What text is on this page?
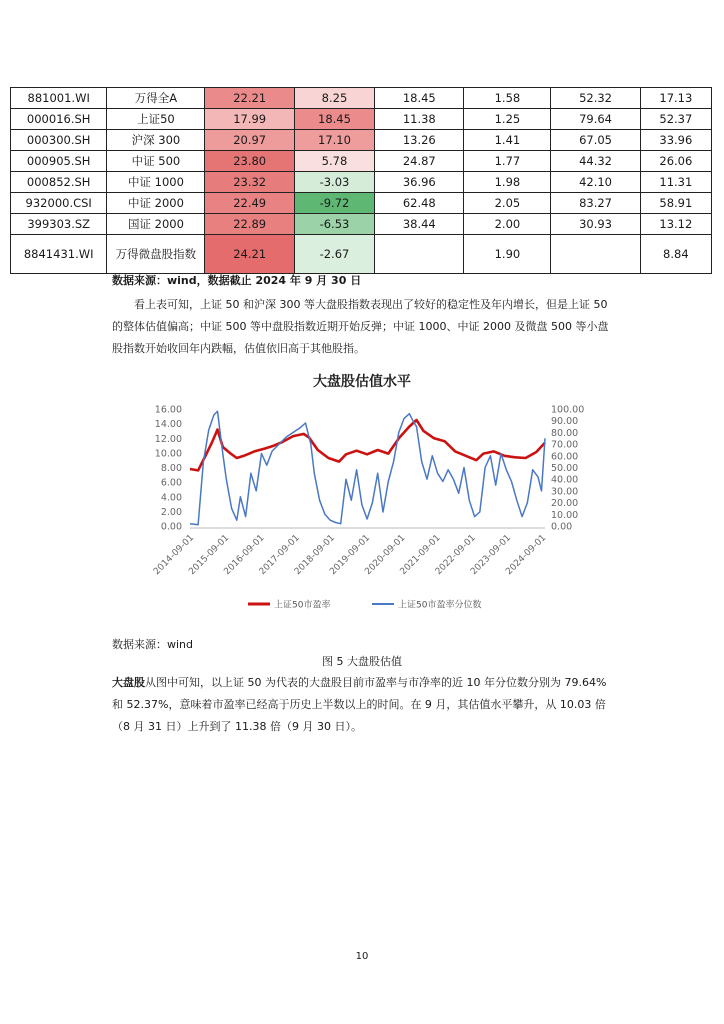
881001.WI	万得全A	22.21	8.25	18.45	1.58	52.32	17.13
000016.SH	上证50	17.99	18.45	11.38	1.25	79.64	52.37
000300.SH	沪深 300	20.97	17.10	13.26	1.41	67.05	33.96
000905.SH	中证 500	23.80	5.78	24.87	1.77	44.32	26.06
000852.SH	中证 1000	23.32	-3.03	36.96	1.98	42.10	11.31
932000.CSI	中证 2000	22.49	-9.72	62.48	2.05	83.27	58.91
399303.SZ	国证 2000	22.89	-6.53	38.44	2.00	30.93	13.12
8841431.WI	万得微盘股指数	24.21	-2.67		1.90		8.84
数据来源：wind，数据截止 2024 年 9 月 30 日
看上表可知，上证 50 和沪深 300 等大盘股指数表现出了较好的稳定性及年内增长，但是上证 50 的整体估值偏高；中证 500 等中盘股指数近期开始反弹；中证 1000、中证 2000 及微盘 500 等小盘股指数开始收回年内跌幅，估值依旧高于其他股指。
大盘股估值水平
16.00
14.00
12.00
10.00
8.00
6.00
4.00
2.00
0.00
100.00
90.00
80.00
70.00
60.00
50.00
40.00
30.00
20.00
10.00
0.00
2014-09-01
2015-09-01
2016-09-01
2017-09-01
2018-09-01
2019-09-01
2020-09-01
2021-09-01
2022-09-01
2023-09-01
2024-09-01
上证50市盈率	上证50市盈率分位数
数据来源：wind
图 5 大盘股估值
大盘股从图中可知，以上证 50 为代表的大盘股目前市盈率与市净率的近 10 年分位数分别为 79.64%和 52.37%，意味着市盈率已经高于历史上半数以上的时间。在 9 月，其估值水平攀升，从 10.03 倍（8 月 31 日）上升到了 11.38 倍（9 月 30 日）。
10
